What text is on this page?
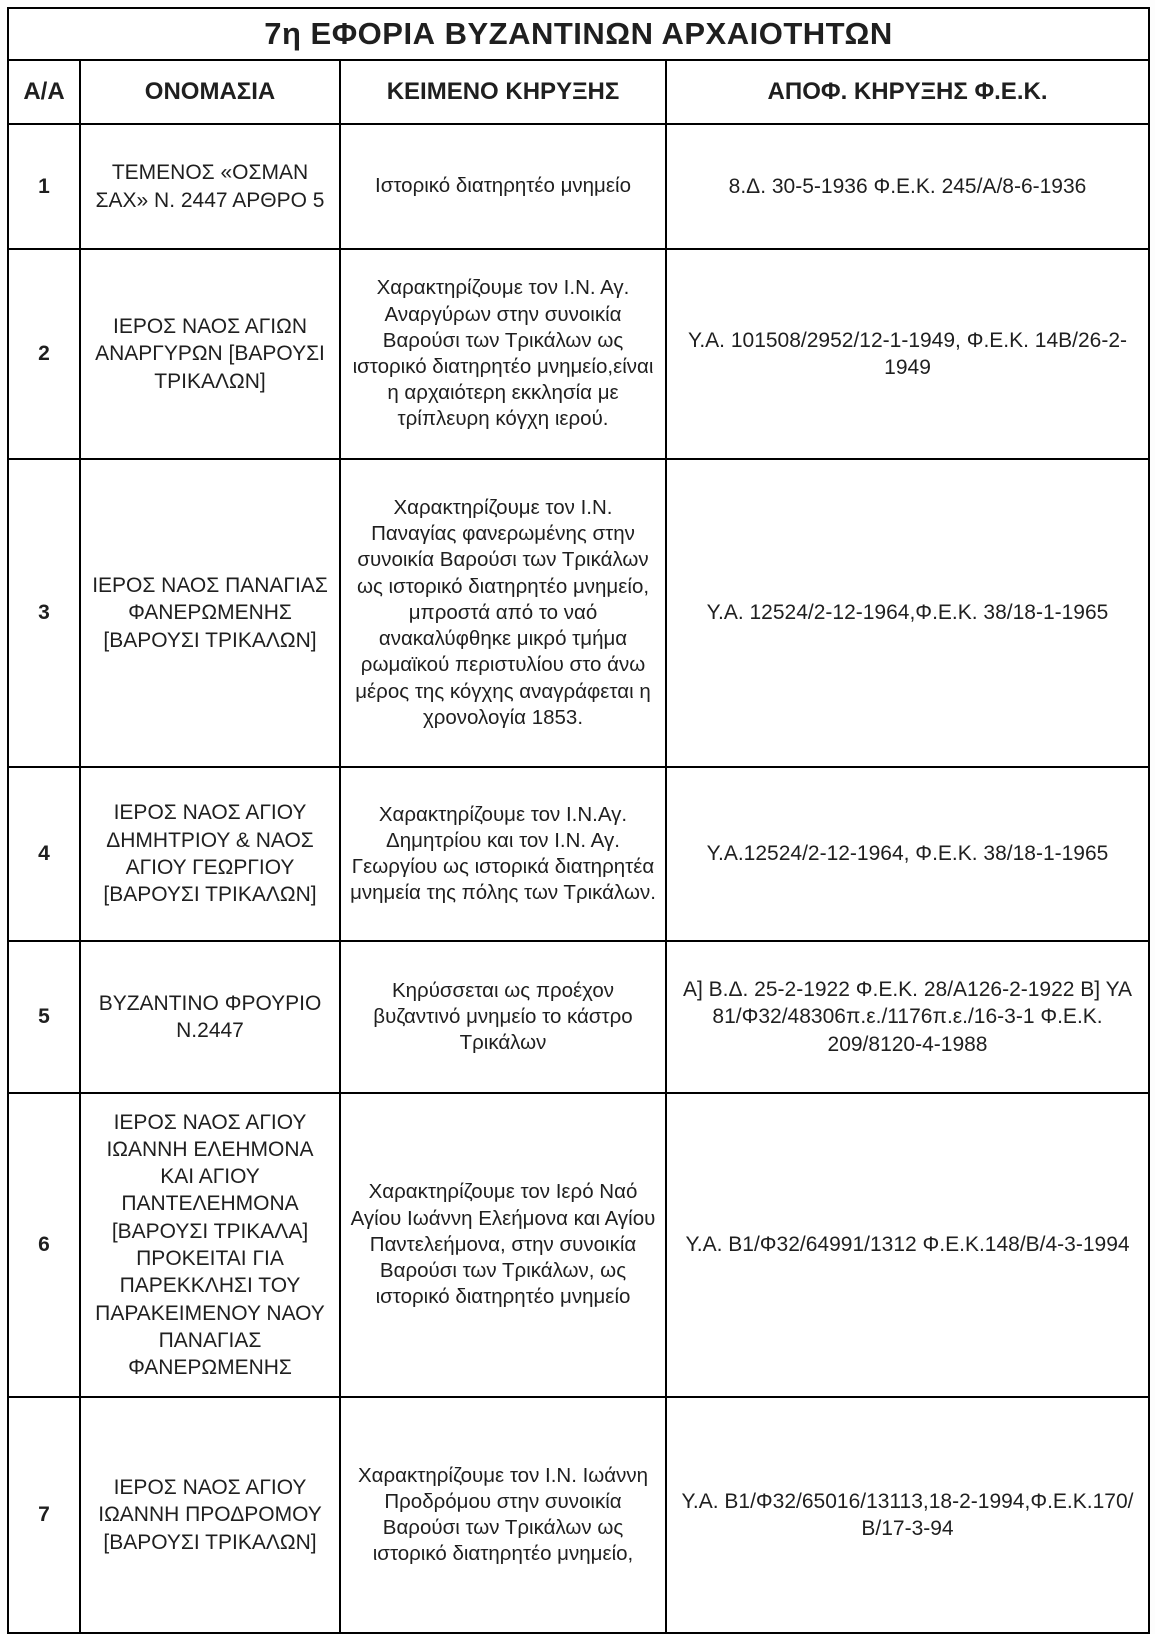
7η ΕΦΟΡΙΑ ΒΥΖΑΝΤΙΝΩΝ ΑΡΧΑΙΟΤΗΤΩΝ			
Α/Α	ΟΝΟΜΑΣΙΑ	ΚΕΙΜΕΝΟ ΚΗΡΥΞΗΣ	ΑΠΟΦ. ΚΗΡΥΞΗΣ Φ.Ε.Κ.
1	ΤΕΜΕΝΟΣ «ΟΣΜΑΝ ΣΑΧ» Ν. 2447 ΑΡΘΡΟ 5	Ιστορικό διατηρητέο μνημείο	8.Δ. 30-5-1936 Φ.Ε.Κ. 245/Α/8-6-1936
2	ΙΕΡΟΣ ΝΑΟΣ ΑΓΙΩΝ ΑΝΑΡΓΥΡΩΝ [ΒΑΡΟΥΣΙ ΤΡΙΚΑΛΩΝ]	Χαρακτηρίζουμε τον Ι.Ν. Αγ. Αναργύρων στην συνοικία Βαρούσι των Τρικάλων ως ιστορικό διατηρητέο μνημείο,είναι η αρχαιότερη εκκλησία με τρίπλευρη κόγχη ιερού.	Υ.Α. 101508/2952/12-1-1949, Φ.Ε.Κ. 14Β/26-2-1949
3	ΙΕΡΟΣ ΝΑΟΣ ΠΑΝΑΓΙΑΣ ΦΑΝΕΡΩΜΕΝΗΣ [ΒΑΡΟΥΣΙ ΤΡΙΚΑΛΩΝ]	Χαρακτηρίζουμε τον Ι.Ν. Παναγίας φανερωμένης στην συνοικία Βαρούσι των Τρικάλων ως ιστορικό διατηρητέο μνημείο, μπροστά από το ναό ανακαλύφθηκε μικρό τμήμα ρωμαϊκού περιστυλίου στο άνω μέρος της κόγχης αναγράφεται η χρονολογία 1853.	Υ.Α. 12524/2-12-1964,Φ.Ε.Κ. 38/18-1-1965
4	ΙΕΡΟΣ ΝΑΟΣ ΑΓΙΟΥ ΔΗΜΗΤΡΙΟΥ & ΝΑΟΣ ΑΓΙΟΥ ΓΕΩΡΓΙΟΥ [ΒΑΡΟΥΣΙ ΤΡΙΚΑΛΩΝ]	Χαρακτηρίζουμε τον Ι.Ν.Αγ. Δημητρίου και τον Ι.Ν. Αγ. Γεωργίου ως ιστορικά διατηρητέα μνημεία της πόλης των Τρικάλων.	Υ.Α.12524/2-12-1964, Φ.Ε.Κ. 38/18-1-1965
5	ΒΥΖΑΝΤΙΝΟ ΦΡΟΥΡΙΟ Ν.2447	Κηρύσσεται ως προέχον βυζαντινό μνημείο το κάστρο Τρικάλων	Α] Β.Δ. 25-2-1922 Φ.Ε.Κ. 28/Α126-2-1922 Β] ΥΑ 81/Φ32/48306π.ε./1176π.ε./16-3-1 Φ.Ε.Κ. 209/8120-4-1988
6	ΙΕΡΟΣ ΝΑΟΣ ΑΓΙΟΥ ΙΩΑΝΝΗ ΕΛΕΗΜΟΝΑ ΚΑΙ ΑΓΙΟΥ ΠΑΝΤΕΛΕΗΜΟΝΑ [ΒΑΡΟΥΣΙ ΤΡΙΚΑΛΑ] ΠΡΟΚΕΙΤΑΙ ΓΙΑ ΠΑΡΕΚΚΛΗΣΙ ΤΟΥ ΠΑΡΑΚΕΙΜΕΝΟΥ ΝΑΟΥ ΠΑΝΑΓΙΑΣ ΦΑΝΕΡΩΜΕΝΗΣ	Χαρακτηρίζουμε τον Ιερό Ναό Αγίου Ιωάννη Ελεήμονα και Αγίου Παντελεήμονα, στην συνοικία Βαρούσι των Τρικάλων, ως ιστορικό διατηρητέο μνημείο	Υ.Α. Β1/Φ32/64991/1312 Φ.Ε.Κ.148/Β/4-3-1994
7	ΙΕΡΟΣ ΝΑΟΣ ΑΓΙΟΥ ΙΩΑΝΝΗ ΠΡΟΔΡΟΜΟΥ [ΒΑΡΟΥΣΙ ΤΡΙΚΑΛΩΝ]	Χαρακτηρίζουμε τον Ι.Ν. Ιωάννη Προδρόμου στην συνοικία Βαρούσι των Τρικάλων ως ιστορικό διατηρητέο μνημείο,	Υ.Α. Β1/Φ32/65016/13113,18-2-1994,Φ.Ε.Κ.170/Β/17-3-94
